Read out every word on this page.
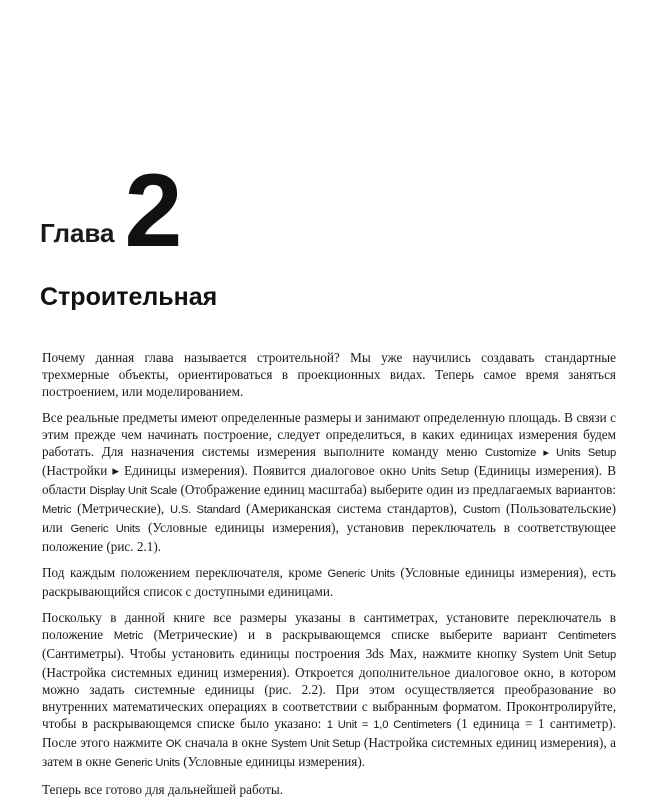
Глава 2
Строительная

Почему данная глава называется строительной? Мы уже научились создавать стандартные трехмерные объекты, ориентироваться в проекционных видах. Теперь самое время заняться построением, или моделированием.

Все реальные предметы имеют определенные размеры и занимают определенную площадь. В связи с этим прежде чем начинать построение, следует определиться, в каких единицах измерения будем работать. Для назначения системы измерения выполните команду меню Customize ▸ Units Setup (Настройки ▸ Единицы измерения). Появится диалоговое окно Units Setup (Единицы измерения). В области Display Unit Scale (Отображение единиц масштаба) выберите один из предлагаемых вариантов: Metric (Метрические), U.S. Standard (Американская система стандартов), Custom (Пользовательские) или Generic Units (Условные единицы измерения), установив переключатель в соответствующее положение (рис. 2.1).

Под каждым положением переключателя, кроме Generic Units (Условные единицы измерения), есть раскрывающийся список с доступными единицами.

Поскольку в данной книге все размеры указаны в сантиметрах, установите переключатель в положение Metric (Метрические) и в раскрывающемся списке выберите вариант Centimeters (Сантиметры). Чтобы установить единицы построения 3ds Max, нажмите кнопку System Unit Setup (Настройка системных единиц измерения). Откроется дополнительное диалоговое окно, в котором можно задать системные единицы (рис. 2.2). При этом осуществляется преобразование во внутренних математических операциях в соответствии с выбранным форматом. Проконтролируйте, чтобы в раскрывающемся списке было указано: 1 Unit = 1,0 Centimeters (1 единица = 1 сантиметр). После этого нажмите OK сначала в окне System Unit Setup (Настройка системных единиц измерения), а затем в окне Generic Units (Условные единицы измерения).

Теперь все готово для дальнейшей работы.
